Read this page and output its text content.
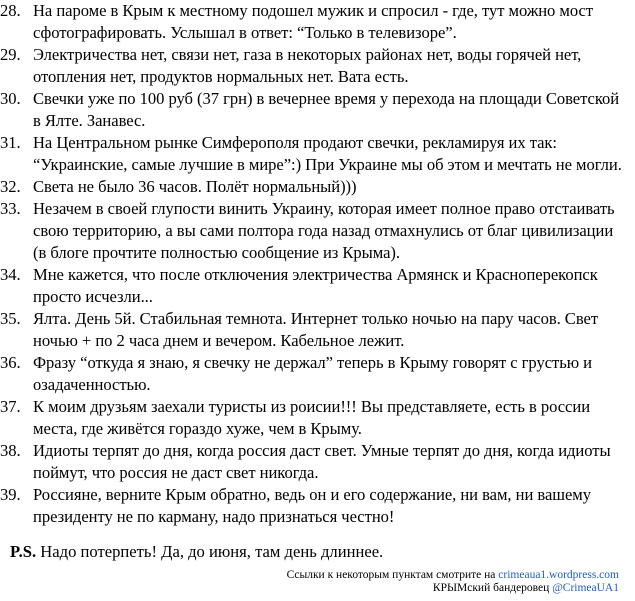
28. На пароме в Крым к местному подошел мужик и спросил - где, тут можно мост сфотографировать. Услышал в ответ: “Только в телевизоре”.
29. Электричества нет, связи нет, газа в некоторых районах нет, воды горячей нет, отопления нет, продуктов нормальных нет. Вата есть.
30. Свечки уже по 100 руб (37 грн) в вечернее время у перехода на площади Советской в Ялте. Занавес.
31. На Центральном рынке Симферополя продают свечки, рекламируя их так: “Украинские, самые лучшие в мире”:) При Украине мы об этом и мечтать не могли.
32. Света не было 36 часов. Полёт нормальный)))
33. Незачем в своей глупости винить Украину, которая имеет полное право отстаивать свою территорию, а вы сами полтора года назад отмахнулись от благ цивилизации (в блоге прочтите полностью сообщение из Крыма).
34. Мне кажется, что после отключения электричества Армянск и Красноперекопск просто исчезли...
35. Ялта. День 5й. Стабильная темнота. Интернет только ночью на пару часов. Свет ночью + по 2 часа днем и вечером. Кабельное лежит.
36. Фразу “откуда я знаю, я свечку не держал” теперь в Крыму говорят с грустью и озадаченностью.
37. К моим друзьям заехали туристы из роисии!!! Вы представляете, есть в россии места, где живётся гораздо хуже, чем в Крыму.
38. Идиоты терпят до дня, когда россия даст свет. Умные терпят до дня, когда идиоты поймут, что россия не даст свет никогда.
39. Россияне, верните Крым обратно, ведь он и его содержание, ни вам, ни вашему президенту не по карману, надо признаться честно!
P.S. Надо потерпеть! Да, до июня, там день длиннее.
Ссылки к некоторым пунктам смотрите на crimeaua1.wordpress.com
КРЫМский бандеровец @CrimeaUA1
